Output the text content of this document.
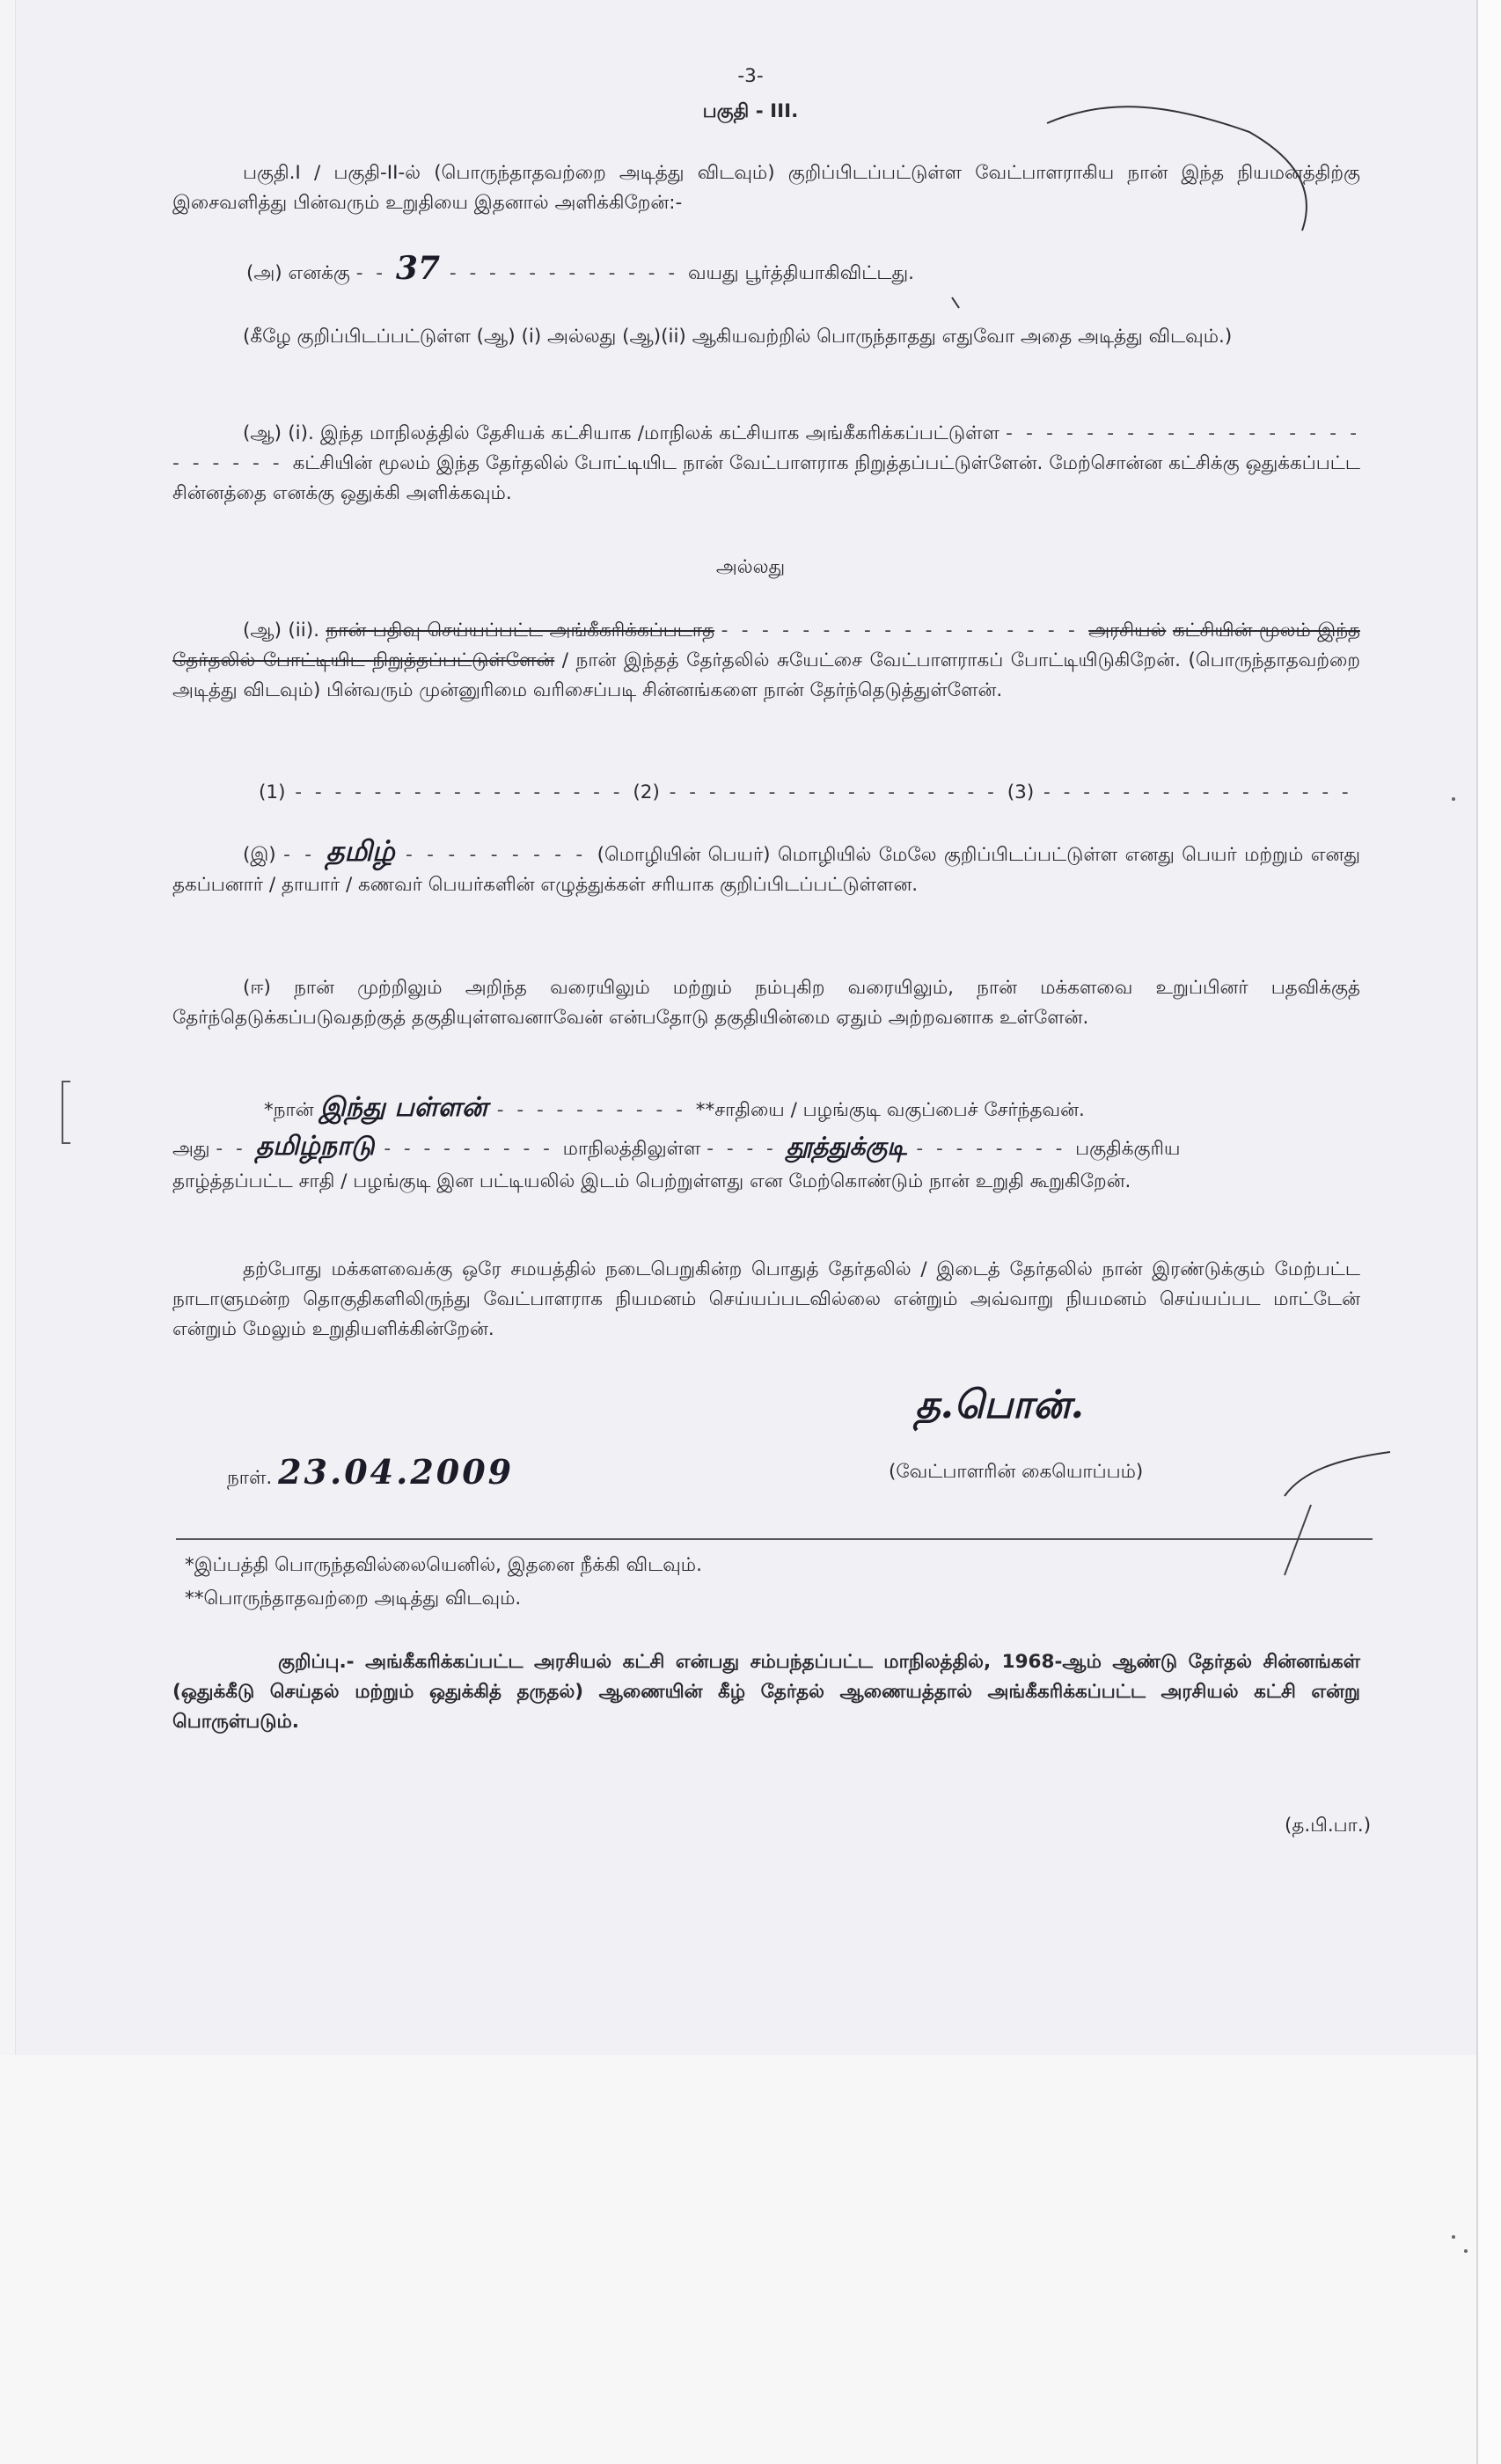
-3-
பகுதி - III.
பகுதி.I / பகுதி-II-ல் (பொருந்தாதவற்றை அடித்து விடவும்) குறிப்பிடப்பட்டுள்ள வேட்பாளராகிய நான் இந்த நியமனத்திற்கு இசைவளித்து பின்வரும் உறுதியை இதனால் அளிக்கிறேன்:-
(அ) எனக்கு - - 37 - - - - - - - - - - - - வயது பூர்த்தியாகிவிட்டது.
(கீழே குறிப்பிடப்பட்டுள்ள (ஆ) (i) அல்லது (ஆ)(ii) ஆகியவற்றில் பொருந்தாதது எதுவோ அதை அடித்து விடவும்.)
(ஆ) (i). இந்த மாநிலத்தில் தேசியக் கட்சியாக /மாநிலக் கட்சியாக அங்கீகரிக்கப்பட்டுள்ள - - - - - - - - - - - - - - - - - - - - - - - - கட்சியின் மூலம் இந்த தேர்தலில் போட்டியிட நான் வேட்பாளராக நிறுத்தப்பட்டுள்ளேன். மேற்சொன்ன கட்சிக்கு ஒதுக்கப்பட்ட சின்னத்தை எனக்கு ஒதுக்கி அளிக்கவும்.
அல்லது
(ஆ) (ii). நான் பதிவு செய்யப்பட்ட அங்கீகரிக்கப்படாத - - - - - - - - - - - - - - - - - - அரசியல் கட்சியின் மூலம் இந்த தேர்தலில் போட்டியிட நிறுத்தப்பட்டுள்ளேன் / நான் இந்தத் தேர்தலில் சுயேட்சை வேட்பாளராகப் போட்டியிடுகிறேன். (பொருந்தாதவற்றை அடித்து விடவும்) பின்வரும் முன்னுரிமை வரிசைப்படி சின்னங்களை நான் தேர்ந்தெடுத்துள்ளேன்.
(1) - - - - - - - - - - - - - - - - - (2) - - - - - - - - - - - - - - - - - (3) - - - - - - - - - - - - - - - -
(இ) - - தமிழ் - - - - - - - - - (மொழியின் பெயர்) மொழியில் மேலே குறிப்பிடப்பட்டுள்ள எனது பெயர் மற்றும் எனது தகப்பனார் / தாயார் / கணவர் பெயர்களின் எழுத்துக்கள் சரியாக குறிப்பிடப்பட்டுள்ளன.
(ஈ) நான் முற்றிலும் அறிந்த வரையிலும் மற்றும் நம்புகிற வரையிலும், நான் மக்களவை உறுப்பினர் பதவிக்குத் தேர்ந்தெடுக்கப்படுவதற்குத் தகுதியுள்ளவனாவேன் என்பதோடு தகுதியின்மை ஏதும் அற்றவனாக உள்ளேன்.
*நான் இந்து பள்ளன் - - - - - - - - - - **சாதியை / பழங்குடி வகுப்பைச் சேர்ந்தவன்.
அது - - தமிழ்நாடு - - - - - - - - - மாநிலத்திலுள்ள - - - - தூத்துக்குடி - - - - - - - - பகுதிக்குரிய
தாழ்த்தப்பட்ட சாதி / பழங்குடி இன பட்டியலில் இடம் பெற்றுள்ளது என மேற்கொண்டும் நான் உறுதி கூறுகிறேன்.
தற்போது மக்களவைக்கு ஒரே சமயத்தில் நடைபெறுகின்ற பொதுத் தேர்தலில் / இடைத் தேர்தலில் நான் இரண்டுக்கும் மேற்பட்ட நாடாளுமன்ற தொகுதிகளிலிருந்து வேட்பாளராக நியமனம் செய்யப்படவில்லை என்றும் அவ்வாறு நியமனம் செய்யப்பட மாட்டேன் என்றும் மேலும் உறுதியளிக்கின்றேன்.
நாள். 23.04.2009
த.பொன்.
(வேட்பாளரின் கையொப்பம்)
*இப்பத்தி பொருந்தவில்லையெனில், இதனை நீக்கி விடவும்.
**பொருந்தாதவற்றை அடித்து விடவும்.
குறிப்பு.- அங்கீகரிக்கப்பட்ட அரசியல் கட்சி என்பது சம்பந்தப்பட்ட மாநிலத்தில், 1968-ஆம் ஆண்டு தேர்தல் சின்னங்கள் (ஒதுக்கீடு செய்தல் மற்றும் ஒதுக்கித் தருதல்) ஆணையின் கீழ் தேர்தல் ஆணையத்தால் அங்கீகரிக்கப்பட்ட அரசியல் கட்சி என்று பொருள்படும்.
(த.பி.பா.)
